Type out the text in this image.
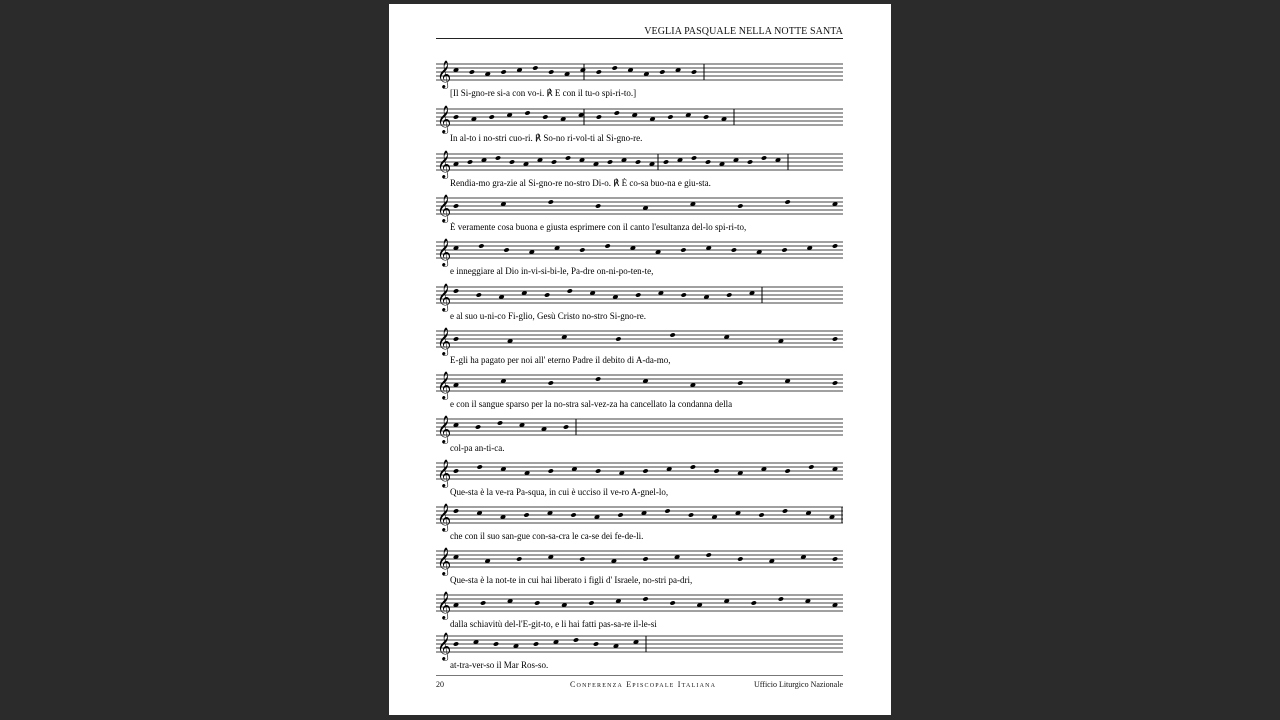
VEGLIA PASQUALE NELLA NOTTE SANTA
𝄞
[Il Si-gno-re si-a con vo-i. ℟ E con il tu-o spi-ri-to.]
𝄞
In al-to i no-stri cuo-ri. ℟ So-no ri-vol-ti al Si-gno-re.
𝄞
Rendia-mo gra-zie al Si-gno-re no-stro Di-o. ℟ È co-sa buo-na e giu-sta.
𝄞
È veramente cosa buona e giusta esprimere con il canto l'esultanza del-lo spi-ri-to,
𝄞
e inneggiare al Dio in-vi-si-bi-le, Pa-dre on-ni-po-ten-te,
𝄞
e al suo u-ni-co Fi-glio, Gesù Cristo no-stro Si-gno-re.
𝄞
E-gli ha pagato per noi all' eterno Padre il debito di A-da-mo,
𝄞
e con il sangue sparso per la no-stra sal-vez-za ha cancellato la condanna della
𝄞
col-pa an-ti-ca.
𝄞
Que-sta è la ve-ra Pa-squa, in cui è ucciso il ve-ro A-gnel-lo,
𝄞
che con il suo san-gue con-sa-cra le ca-se dei fe-de-li.
𝄞
Que-sta è la not-te in cui hai liberato i figli d' Israele, no-stri pa-dri,
𝄞
dalla schiavitù del-l'E-git-to, e li hai fatti pas-sa-re il-le-si
𝄞
at-tra-ver-so il Mar Ros-so.
20	Conferenza Episcopale Italiana	Ufficio Liturgico Nazionale
